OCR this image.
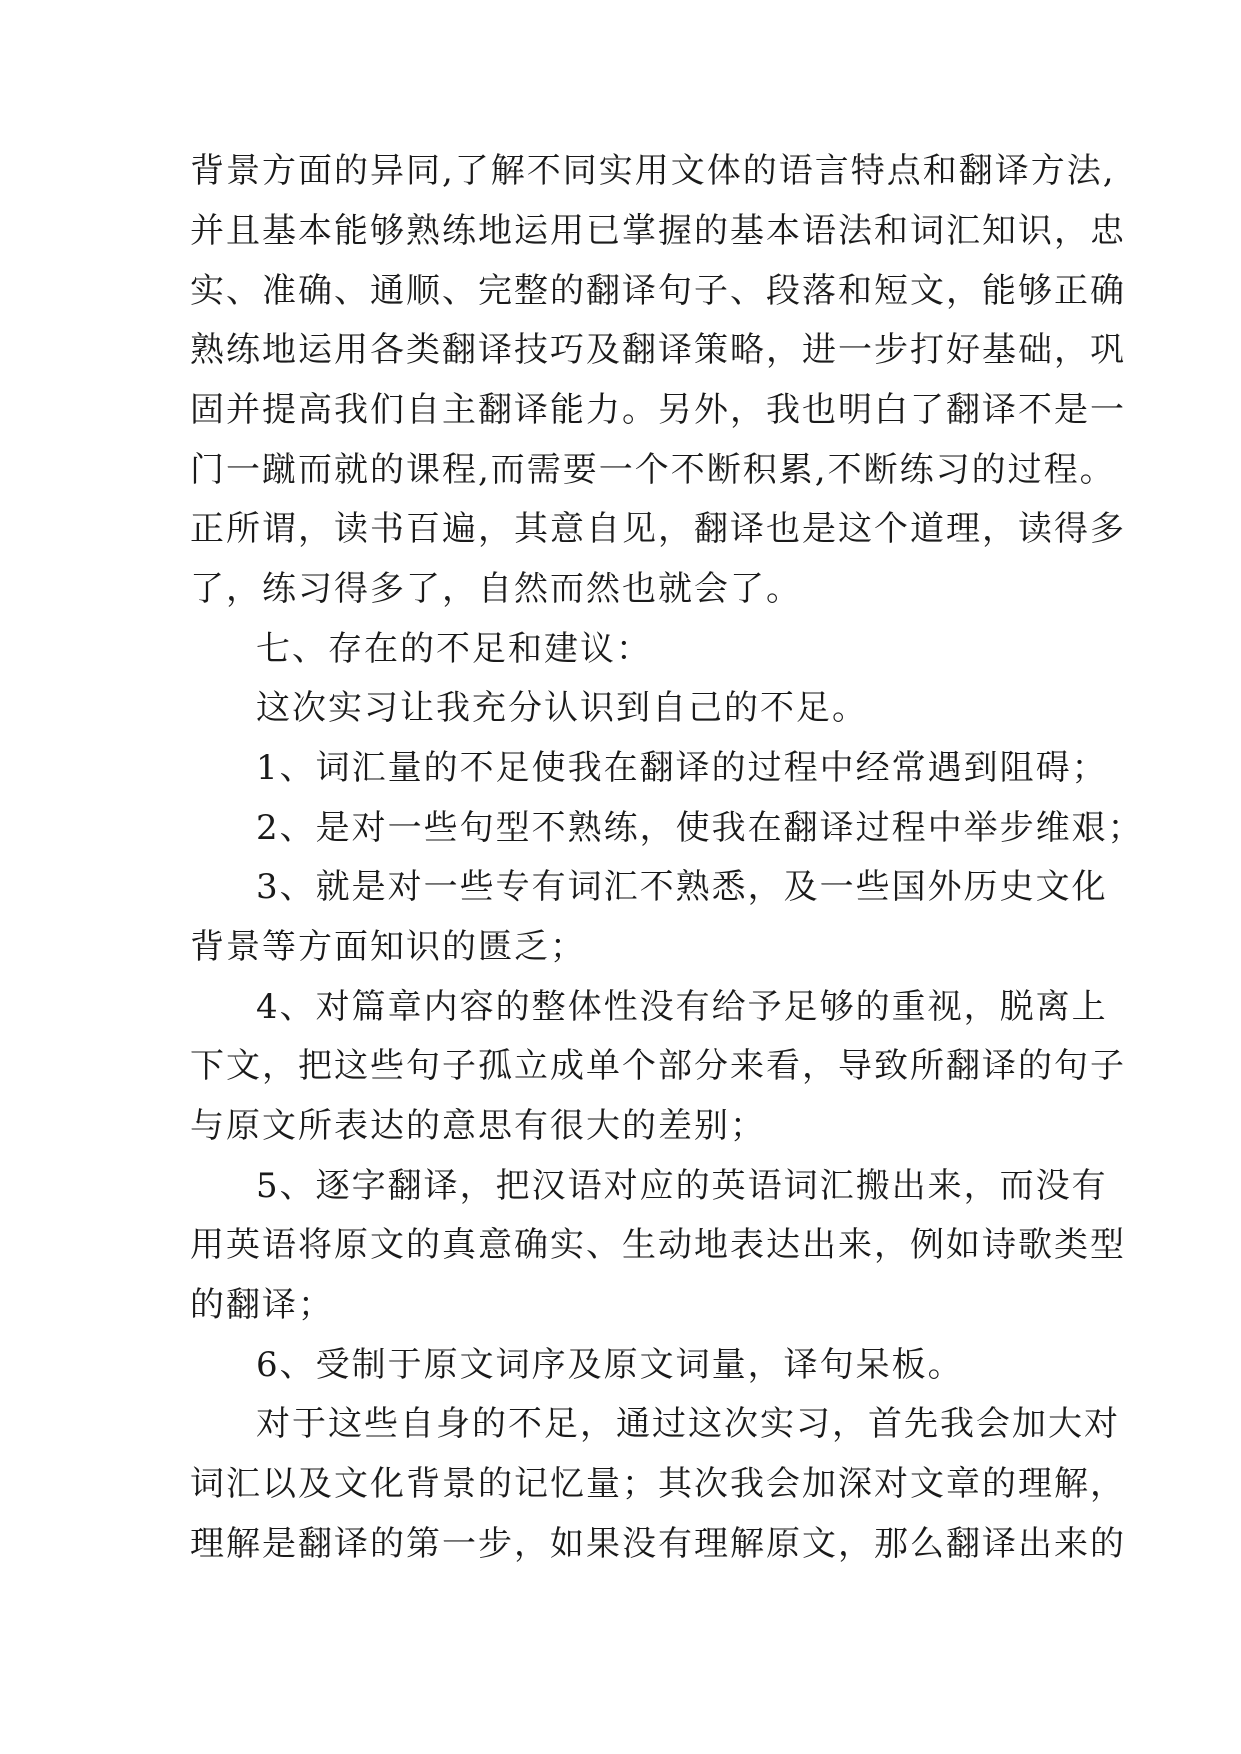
背景方面的异同,了解不同实用文体的语言特点和翻译方法,
并且基本能够熟练地运用已掌握的基本语法和词汇知识，忠
实、准确、通顺、完整的翻译句子、段落和短文，能够正确
熟练地运用各类翻译技巧及翻译策略，进一步打好基础，巩
固并提高我们自主翻译能力。另外，我也明白了翻译不是一
门一蹴而就的课程,而需要一个不断积累,不断练习的过程。
正所谓，读书百遍，其意自见，翻译也是这个道理，读得多
了，练习得多了，自然而然也就会了。
七、存在的不足和建议：
这次实习让我充分认识到自己的不足。
1、词汇量的不足使我在翻译的过程中经常遇到阻碍；
2、是对一些句型不熟练，使我在翻译过程中举步维艰；
3、就是对一些专有词汇不熟悉，及一些国外历史文化
背景等方面知识的匮乏；
4、对篇章内容的整体性没有给予足够的重视，脱离上
下文，把这些句子孤立成单个部分来看，导致所翻译的句子
与原文所表达的意思有很大的差别；
5、逐字翻译，把汉语对应的英语词汇搬出来，而没有
用英语将原文的真意确实、生动地表达出来，例如诗歌类型
的翻译；
6、受制于原文词序及原文词量，译句呆板。
对于这些自身的不足，通过这次实习，首先我会加大对
词汇以及文化背景的记忆量；其次我会加深对文章的理解，
理解是翻译的第一步，如果没有理解原文，那么翻译出来的
